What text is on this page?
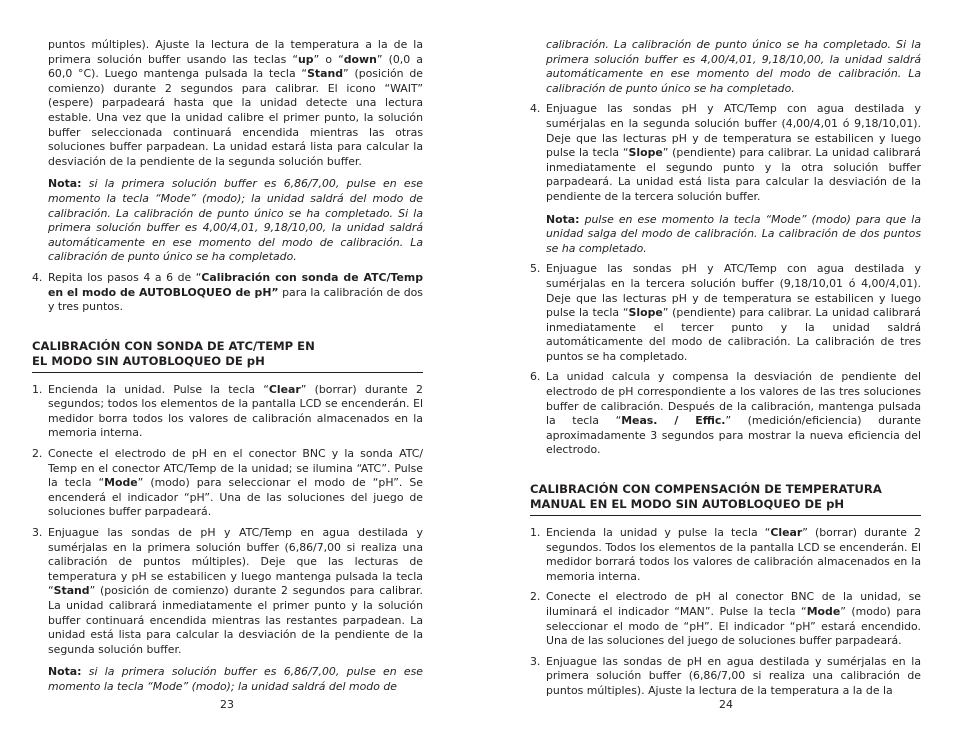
puntos múltiples). Ajuste la lectura de la temperatura a la de la primera solución buffer usando las teclas “up” o “down” (0,0 a 60,0 °C). Luego mantenga pulsada la tecla “Stand” (posición de comienzo) durante 2 segundos para calibrar. El icono “WAIT” (espere) parpadeará hasta que la unidad detecte una lectura estable. Una vez que la unidad calibre el primer punto, la solución buffer seleccionada continuará encendida mientras las otras soluciones buffer parpadean. La unidad estará lista para calcular la desviación de la pendiente de la segunda solución buffer.
Nota: si la primera solución buffer es 6,86/7,00, pulse en ese momento la tecla “Mode” (modo); la unidad saldrá del modo de calibración. La calibración de punto único se ha completado. Si la primera solución buffer es 4,00/4,01, 9,18/10,00, la unidad saldrá automáticamente en ese momento del modo de calibración. La calibración de punto único se ha completado.
4. Repita los pasos 4 a 6 de “Calibración con sonda de ATC/Temp en el modo de AUTOBLOQUEO de pH” para la calibración de dos y tres puntos.

CALIBRACIÓN CON SONDA DE ATC/TEMP EN
EL MODO SIN AUTOBLOQUEO DE pH
1. Encienda la unidad. Pulse la tecla “Clear” (borrar) durante 2 segundos; todos los elementos de la pantalla LCD se encenderán. El medidor borra todos los valores de calibración almacenados en la memoria interna.

2. Conecte el electrodo de pH en el conector BNC y la sonda ATC/ Temp en el conector ATC/Temp de la unidad; se ilumina “ATC”. Pulse la tecla “Mode” (modo) para seleccionar el modo de “pH”. Se encenderá el indicador “pH”. Una de las soluciones del juego de soluciones buffer parpadeará.

3. Enjuague las sondas de pH y ATC/Temp en agua destilada y sumérjalas en la primera solución buffer (6,86/7,00 si realiza una calibración de puntos múltiples). Deje que las lecturas de temperatura y pH se estabilicen y luego mantenga pulsada la tecla “Stand” (posición de comienzo) durante 2 segundos para calibrar. La unidad calibrará inmediatamente el primer punto y la solución buffer continuará encendida mientras las restantes parpadean. La unidad está lista para calcular la desviación de la pendiente de la segunda solución buffer.

Nota: si la primera solución buffer es 6,86/7,00, pulse en ese momento la tecla “Mode” (modo); la unidad saldrá del modo de
23
calibración. La calibración de punto único se ha completado. Si la primera solución buffer es 4,00/4,01, 9,18/10,00, la unidad saldrá automáticamente en ese momento del modo de calibración. La calibración de punto único se ha completado.
4. Enjuague las sondas pH y ATC/Temp con agua destilada y sumérjalas en la segunda solución buffer (4,00/4,01 ó 9,18/10,01). Deje que las lecturas pH y de temperatura se estabilicen y luego pulse la tecla “Slope” (pendiente) para calibrar. La unidad calibrará inmediatamente el segundo punto y la otra solución buffer parpadeará. La unidad está lista para calcular la desviación de la pendiente de la tercera solución buffer.

Nota: pulse en ese momento la tecla “Mode” (modo) para que la unidad salga del modo de calibración. La calibración de dos puntos se ha completado.
5. Enjuague las sondas pH y ATC/Temp con agua destilada y sumérjalas en la tercera solución buffer (9,18/10,01 ó 4,00/4,01). Deje que las lecturas pH y de temperatura se estabilicen y luego pulse la tecla “Slope” (pendiente) para calibrar. La unidad calibrará inmediatamente el tercer punto y la unidad saldrá automáticamente del modo de calibración. La calibración de tres puntos se ha completado.

6. La unidad calcula y compensa la desviación de pendiente del electrodo de pH correspondiente a los valores de las tres soluciones buffer de calibración. Después de la calibración, mantenga pulsada la tecla “Meas. / Effic.” (medición/eficiencia) durante aproximadamente 3 segundos para mostrar la nueva eficiencia del electrodo.

CALIBRACIÓN CON COMPENSACIÓN DE TEMPERATURA
MANUAL EN EL MODO SIN AUTOBLOQUEO DE pH
1. Encienda la unidad y pulse la tecla “Clear” (borrar) durante 2 segundos. Todos los elementos de la pantalla LCD se encenderán. El medidor borrará todos los valores de calibración almacenados en la memoria interna.

2. Conecte el electrodo de pH al conector BNC de la unidad, se iluminará el indicador “MAN”. Pulse la tecla “Mode” (modo) para seleccionar el modo de “pH”. El indicador “pH” estará encendido. Una de las soluciones del juego de soluciones buffer parpadeará.

3. Enjuague las sondas de pH en agua destilada y sumérjalas en la primera solución buffer (6,86/7,00 si realiza una calibración de puntos múltiples). Ajuste la lectura de la temperatura a la de la

24
